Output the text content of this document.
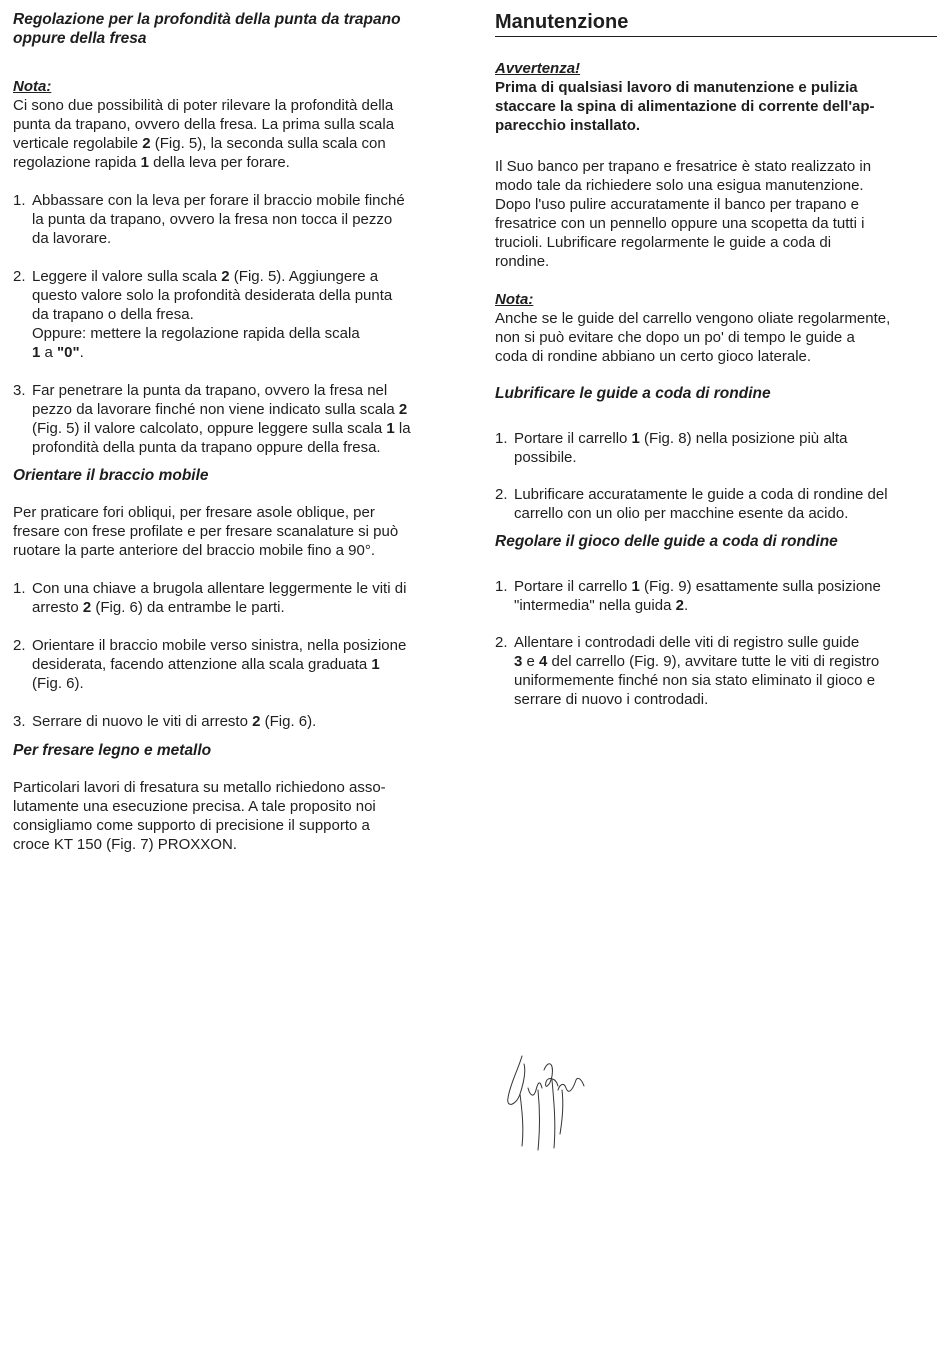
Regolazione per la profondità della punta da trapano
oppure della fresa

Nota:

Ci sono due possibilità di poter rilevare la profondità della
punta da trapano, ovvero della fresa. La prima sulla scala
verticale regolabile 2 (Fig. 5), la seconda sulla scala con
regolazione rapida 1 della leva per forare.
1. Abbassare con la leva per forare il braccio mobile finché
la punta da trapano, ovvero la fresa non tocca il pezzo
da lavorare.
2. Leggere il valore sulla scala 2 (Fig. 5). Aggiungere a
questo valore solo la profondità desiderata della punta
da trapano o della fresa.
Oppure: mettere la regolazione rapida della scala
1 a "0".
3. Far penetrare la punta da trapano, ovvero la fresa nel
pezzo da lavorare finché non viene indicato sulla scala 2
(Fig. 5) il valore calcolato, oppure leggere sulla scala 1 la
profondità della punta da trapano oppure della fresa.
Orientare il braccio mobile
Per praticare fori obliqui, per fresare asole oblique, per
fresare con frese profilate e per fresare scanalature si può
ruotare la parte anteriore del braccio mobile fino a 90°.
1. Con una chiave a brugola allentare leggermente le viti di
arresto 2 (Fig. 6) da entrambe le parti.
2. Orientare il braccio mobile verso sinistra, nella posizione
desiderata, facendo attenzione alla scala graduata 1
(Fig. 6).
3. Serrare di nuovo le viti di arresto 2 (Fig. 6).
Per fresare legno e metallo
Particolari lavori di fresatura su metallo richiedono asso-
lutamente una esecuzione precisa. A tale proposito noi
consigliamo come supporto di precisione il supporto a
croce KT 150 (Fig. 7) PROXXON.
Manutenzione

Avvertenza!

Prima di qualsiasi lavoro di manutenzione e pulizia
staccare la spina di alimentazione di corrente dell'ap-
parecchio installato.
Il Suo banco per trapano e fresatrice è stato realizzato in
modo tale da richiedere solo una esigua manutenzione.
Dopo l'uso pulire accuratamente il banco per trapano e
fresatrice con un pennello oppure una scopetta da tutti i
trucioli. Lubrificare regolarmente le guide a coda di
rondine.

Nota:

Anche se le guide del carrello vengono oliate regolarmente,
non si può evitare che dopo un po' di tempo le guide a
coda di rondine abbiano un certo gioco laterale.
Lubrificare le guide a coda di rondine
1. Portare il carrello 1 (Fig. 8) nella posizione più alta
possibile.
2. Lubrificare accuratamente le guide a coda di rondine del
carrello con un olio per macchine esente da acido.
Regolare il gioco delle guide a coda di rondine
1. Portare il carrello 1 (Fig. 9) esattamente sulla posizione
"intermedia" nella guida 2.
2. Allentare i controdadi delle viti di registro sulle guide
3 e 4 del carrello (Fig. 9), avvitare tutte le viti di registro
uniformemente finché non sia stato eliminato il gioco e
serrare di nuovo i controdadi.
